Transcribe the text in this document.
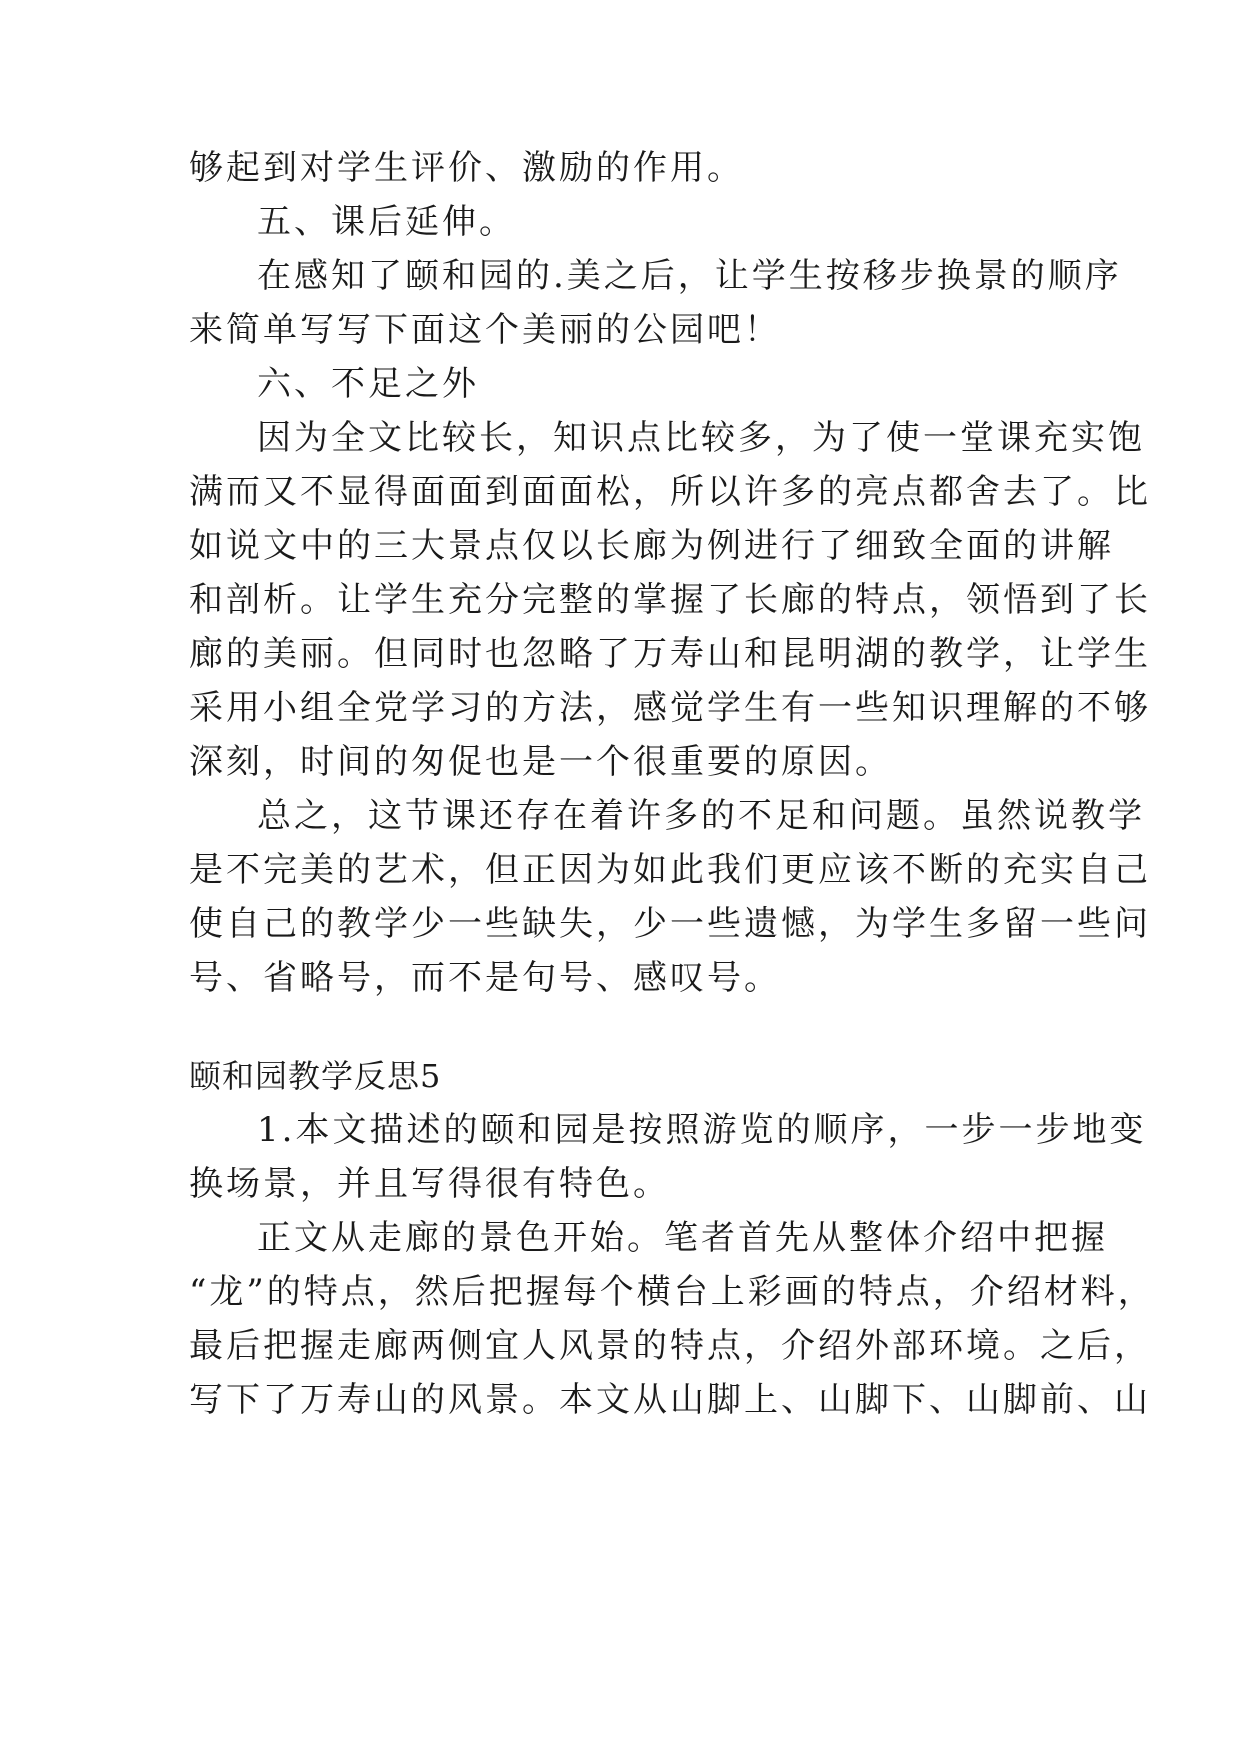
够起到对学生评价、激励的作用。
五、课后延伸。
在感知了颐和园的.美之后，让学生按移步换景的顺序
来简单写写下面这个美丽的公园吧！
六、不足之外
因为全文比较长，知识点比较多，为了使一堂课充实饱
满而又不显得面面到面面松，所以许多的亮点都舍去了。比
如说文中的三大景点仅以长廊为例进行了细致全面的讲解
和剖析。让学生充分完整的掌握了长廊的特点，领悟到了长
廊的美丽。但同时也忽略了万寿山和昆明湖的教学，让学生
采用小组全党学习的方法，感觉学生有一些知识理解的不够
深刻，时间的匆促也是一个很重要的原因。
总之，这节课还存在着许多的不足和问题。虽然说教学
是不完美的艺术，但正因为如此我们更应该不断的充实自己
使自己的教学少一些缺失，少一些遗憾，为学生多留一些问
号、省略号，而不是句号、感叹号。
颐和园教学反思5
1.本文描述的颐和园是按照游览的顺序，一步一步地变
换场景，并且写得很有特色。
正文从走廊的景色开始。笔者首先从整体介绍中把握
“龙”的特点，然后把握每个横台上彩画的特点，介绍材料，
最后把握走廊两侧宜人风景的特点，介绍外部环境。之后，
写下了万寿山的风景。本文从山脚上、山脚下、山脚前、山
